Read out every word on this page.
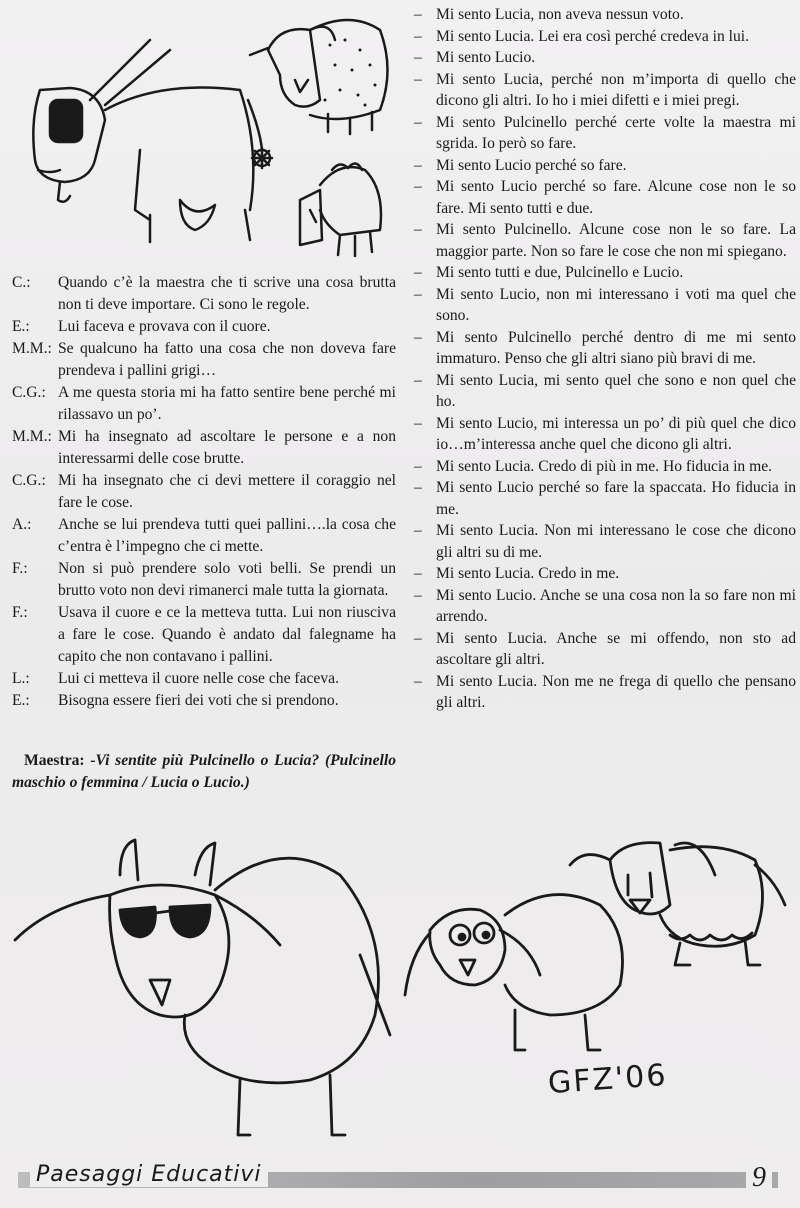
C.:	Quando c’è la maestra che ti scrive una cosa brutta non ti deve importare. Ci sono le regole.
E.:	Lui faceva e provava con il cuore.
M.M.: Se qualcuno ha fatto una cosa che non doveva fare prendeva i pallini grigi…
C.G.: A me questa storia mi ha fatto sentire bene perché mi rilassavo un po’.
M.M.: Mi ha insegnato ad ascoltare le persone e a non interessarmi delle cose brutte.
C.G.: Mi ha insegnato che ci devi mettere il coraggio nel fare le cose.
A.:	Anche se lui prendeva tutti quei pallini….la cosa che c’entra è l’impegno che ci mette.
F.:	Non si può prendere solo voti belli. Se prendi un brutto voto non devi rimanerci male tutta la giornata.
F.:	Usava il cuore e ce la metteva tutta. Lui non riusciva a fare le cose. Quando è andato dal falegname ha capito che non contavano i pallini.
L.:	Lui ci metteva il cuore nelle cose che faceva.
E.:	Bisogna essere fieri dei voti che si prendono.
Maestra: -Vi sentite più Pulcinello o Lucia? (Pulcinello maschio o femmina / Lucia o Lucio.)
– Mi sento Lucia, non aveva nessun voto.
– Mi sento Lucia. Lei era così perché credeva in lui.
– Mi sento Lucio.
– Mi sento Lucia, perché non m’importa di quello che dicono gli altri. Io ho i miei difetti e i miei pregi.
– Mi sento Pulcinello perché certe volte la maestra mi sgrida. Io però so fare.
– Mi sento Lucio perché so fare.
– Mi sento Lucio perché so fare. Alcune cose non le so fare. Mi sento tutti e due.
– Mi sento Pulcinello. Alcune cose non le so fare. La maggior parte. Non so fare le cose che non mi spiegano.
– Mi sento tutti e due, Pulcinello e Lucio.
– Mi sento Lucio, non mi interessano i voti ma quel che sono.
– Mi sento Pulcinello perché dentro di me mi sento immaturo. Penso che gli altri siano più bravi di me.
– Mi sento Lucia, mi sento quel che sono e non quel che ho.
– Mi sento Lucio, mi interessa un po’ di più quel che dico io…m’interessa anche quel che dicono gli altri.
– Mi sento Lucia. Credo di più in me. Ho fiducia in me.
– Mi sento Lucio perché so fare la spaccata. Ho fiducia in me.
– Mi sento Lucia. Non mi interessano le cose che dicono gli altri su di me.
– Mi sento Lucia. Credo in me.
– Mi sento Lucio. Anche se una cosa non la so fare non mi arrendo.
– Mi sento Lucia. Anche se mi offendo, non sto ad ascoltare gli altri.
– Mi sento Lucia. Non me ne frega di quello che pensano gli altri.
GFZ'06
Paesaggi Educativi	9
